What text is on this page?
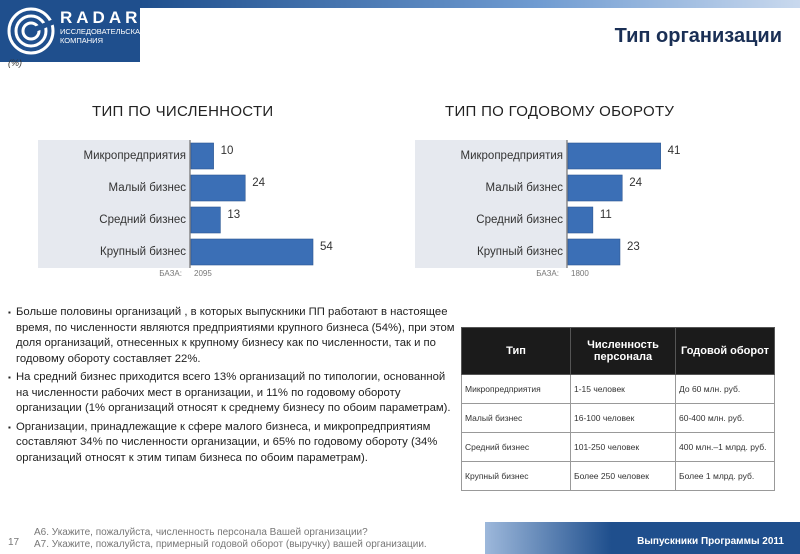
RADAR
ИССЛЕДОВАТЕЛЬСКАЯ КОМПАНИЯ	Тип организации
(%)
ТИП ПО ЧИСЛЕННОСТИ	ТИП ПО ГОДОВОМУ ОБОРОТУ
Микропредприятия	10
Малый бизнес	24
Средний бизнес	13
Крупный бизнес	54
БАЗА: 2095
Микропредприятия	41
Малый бизнес	24
Средний бизнес	11
Крупный бизнес	23
БАЗА: 1800
▪ Больше половины организаций , в которых выпускники ПП работают в настоящее время, по численности являются предприятиями крупного бизнеса (54%), при этом доля организаций, отнесенных к крупному бизнесу как по численности, так и по годовому обороту составляет 22%.
▪ На средний бизнес приходится всего 13% организаций по типологии, основанной на численности рабочих мест в организации, и 11% по годовому обороту организации (1% организаций относят к среднему бизнесу по обоим параметрам).
▪ Организации, принадлежащие к сфере малого бизнеса, и микропредприятиям составляют 34% по численности организации, и 65% по годовому обороту (34% организаций относят к этим типам бизнеса по обоим параметрам).
Тип	Численность персонала	Годовой оборот
Микропредприятия	1-15 человек	До 60 млн. руб.
Малый бизнес	16-100 человек	60-400 млн. руб.
Средний бизнес	101-250 человек	400 млн.–1 млрд. руб.
Крупный бизнес	Более 250 человек	Более 1 млрд. руб.
17
А6. Укажите, пожалуйста, численность персонала Вашей организации?
А7. Укажите, пожалуйста, примерный годовой оборот (выручку) вашей организации.	Выпускники Программы 2011
